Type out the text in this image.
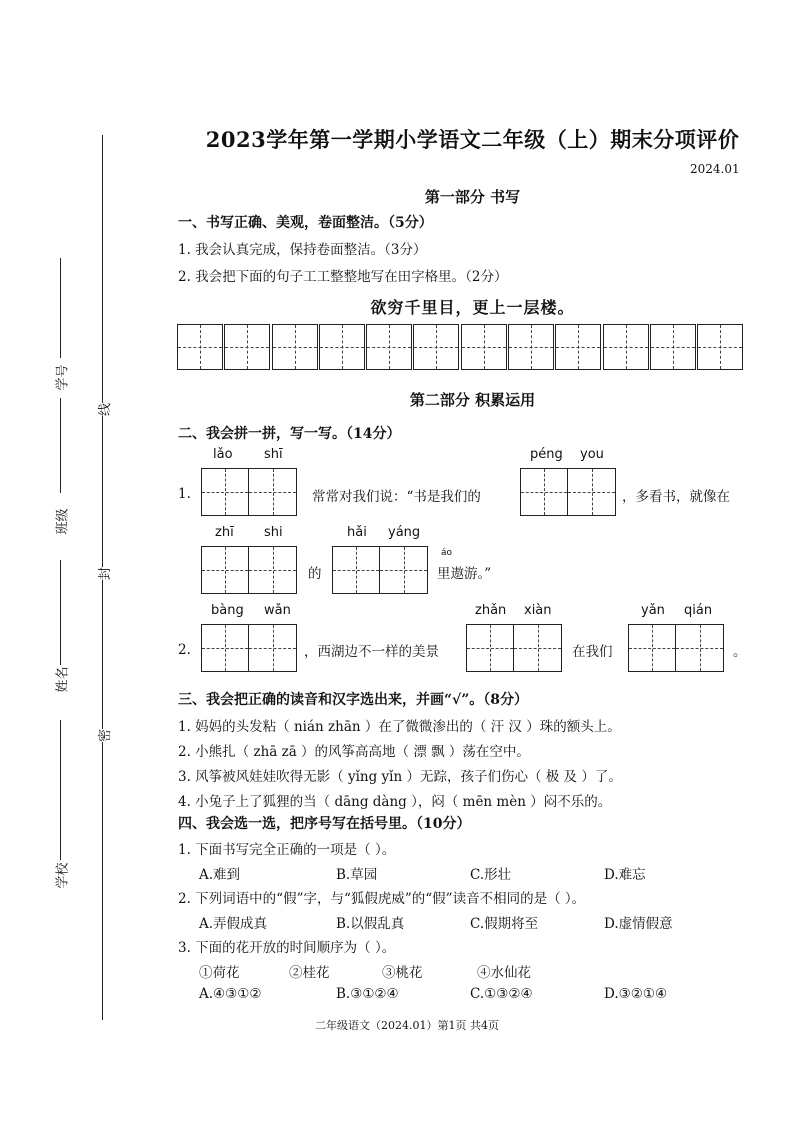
学号
班级
姓名
学校
线
封
密
2023学年第一学期小学语文二年级（上）期末分项评价
2024.01
第一部分 书写
一、书写正确、美观，卷面整洁。（5分）
1. 我会认真完成，保持卷面整洁。（3分）
2. 我会把下面的句子工工整整地写在田字格里。（2分）
欲穷千里目，更上一层楼。
第二部分 积累运用
二、我会拼一拼，写一写。（14分）
1.
lǎo shī
常常对我们说：“书是我们的
péng you
，多看书，就像在
zhī shi
的
hǎi yáng
áo
里遨游。”
2.
bàng wǎn
，西湖边不一样的美景
zhǎn xiàn
在我们
yǎn qián
。
三、我会把正确的读音和汉字选出来，并画“√”。（8分）
1. 妈妈的头发粘（ nián zhān ）在了微微渗出的（ 汗 汉 ）珠的额头上。
2. 小熊扎（ zhā zā ）的风筝高高地（ 漂 飘 ）荡在空中。
3. 风筝被风娃娃吹得无影（ yǐng yǐn ）无踪，孩子们伤心（ 极 及 ）了。
4. 小兔子上了狐狸的当（ dāng dàng ），闷（ mēn mèn ）闷不乐的。
四、我会选一选，把序号写在括号里。（10分）
1. 下面书写完全正确的一项是（ ）。
A.难到	B.草园	C.形壮	D.难忘
2. 下列词语中的“假”字，与“狐假虎威”的“假”读音不相同的是（ ）。
A.弄假成真	B.以假乱真	C.假期将至	D.虚情假意
3. 下面的花开放的时间顺序为（ ）。
①荷花	②桂花	③桃花	④水仙花
A.④③①②	B.③①②④	C.①③②④	D.③②①④
二年级语文（2024.01）第1页 共4页
